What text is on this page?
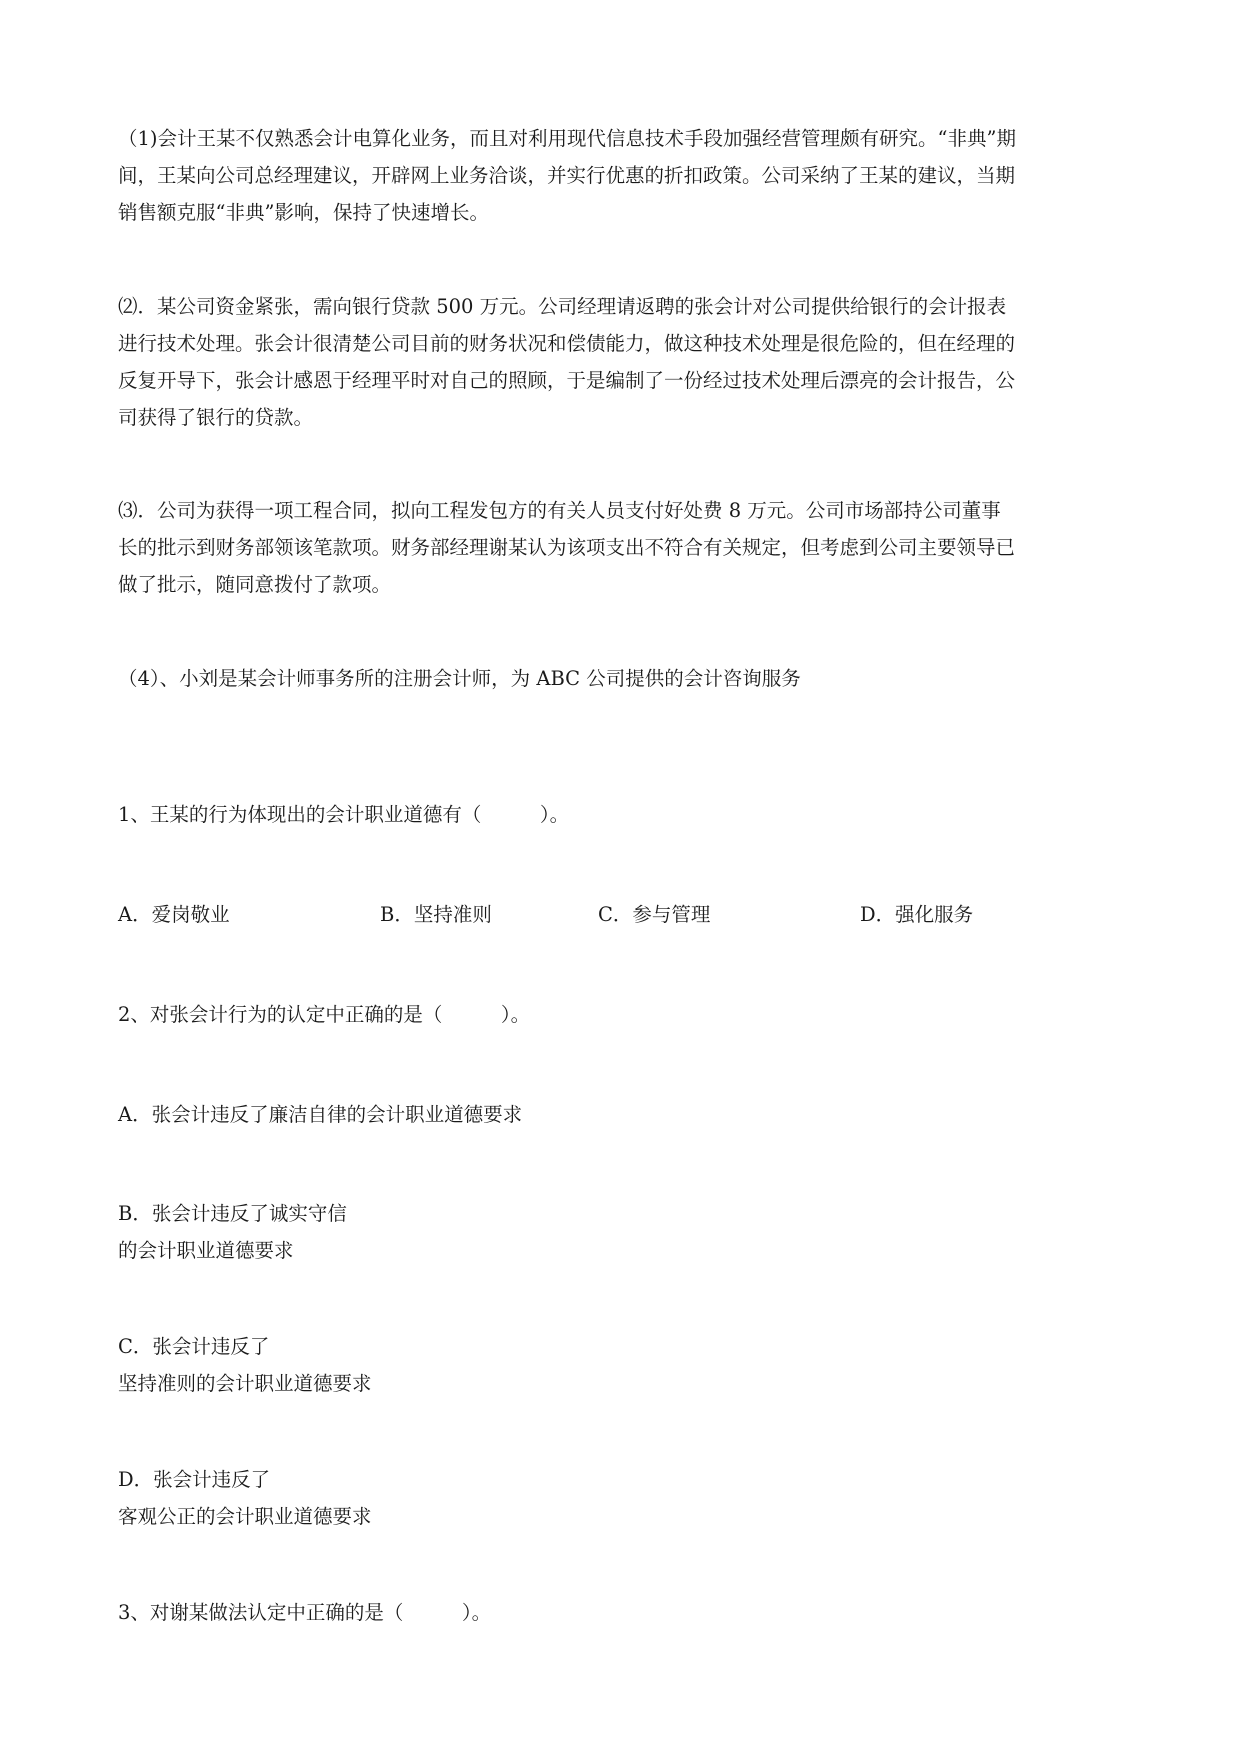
（1)会计王某不仅熟悉会计电算化业务，而且对利用现代信息技术手段加强经营管理颇有研究。“非典”期
间，王某向公司总经理建议，开辟网上业务洽谈，并实行优惠的折扣政策。公司采纳了王某的建议，当期
销售额克服“非典”影响，保持了快速增长。
⑵．某公司资金紧张，需向银行贷款 500 万元。公司经理请返聘的张会计对公司提供给银行的会计报表
进行技术处理。张会计很清楚公司目前的财务状况和偿债能力，做这种技术处理是很危险的，但在经理的
反复开导下，张会计感恩于经理平时对自己的照顾，于是编制了一份经过技术处理后漂亮的会计报告，公
司获得了银行的贷款。
⑶．公司为获得一项工程合同，拟向工程发包方的有关人员支付好处费 8 万元。公司市场部持公司董事
长的批示到财务部领该笔款项。财务部经理谢某认为该项支出不符合有关规定，但考虑到公司主要领导已
做了批示，随同意拨付了款项。

（4）、小刘是某会计师事务所的注册会计师，为 ABC 公司提供的会计咨询服务

1、王某的行为体现出的会计职业道德有（　　　）。

A．爱岗敬业	B．坚持准则	C．参与管理	D．强化服务

2、对张会计行为的认定中正确的是（　　　）。

A．张会计违反了廉洁自律的会计职业道德要求

B．张会计违反了诚实守信
的会计职业道德要求
C．张会计违反了
坚持准则的会计职业道德要求
D．张会计违反了
客观公正的会计职业道德要求

3、对谢某做法认定中正确的是（　　　）。
